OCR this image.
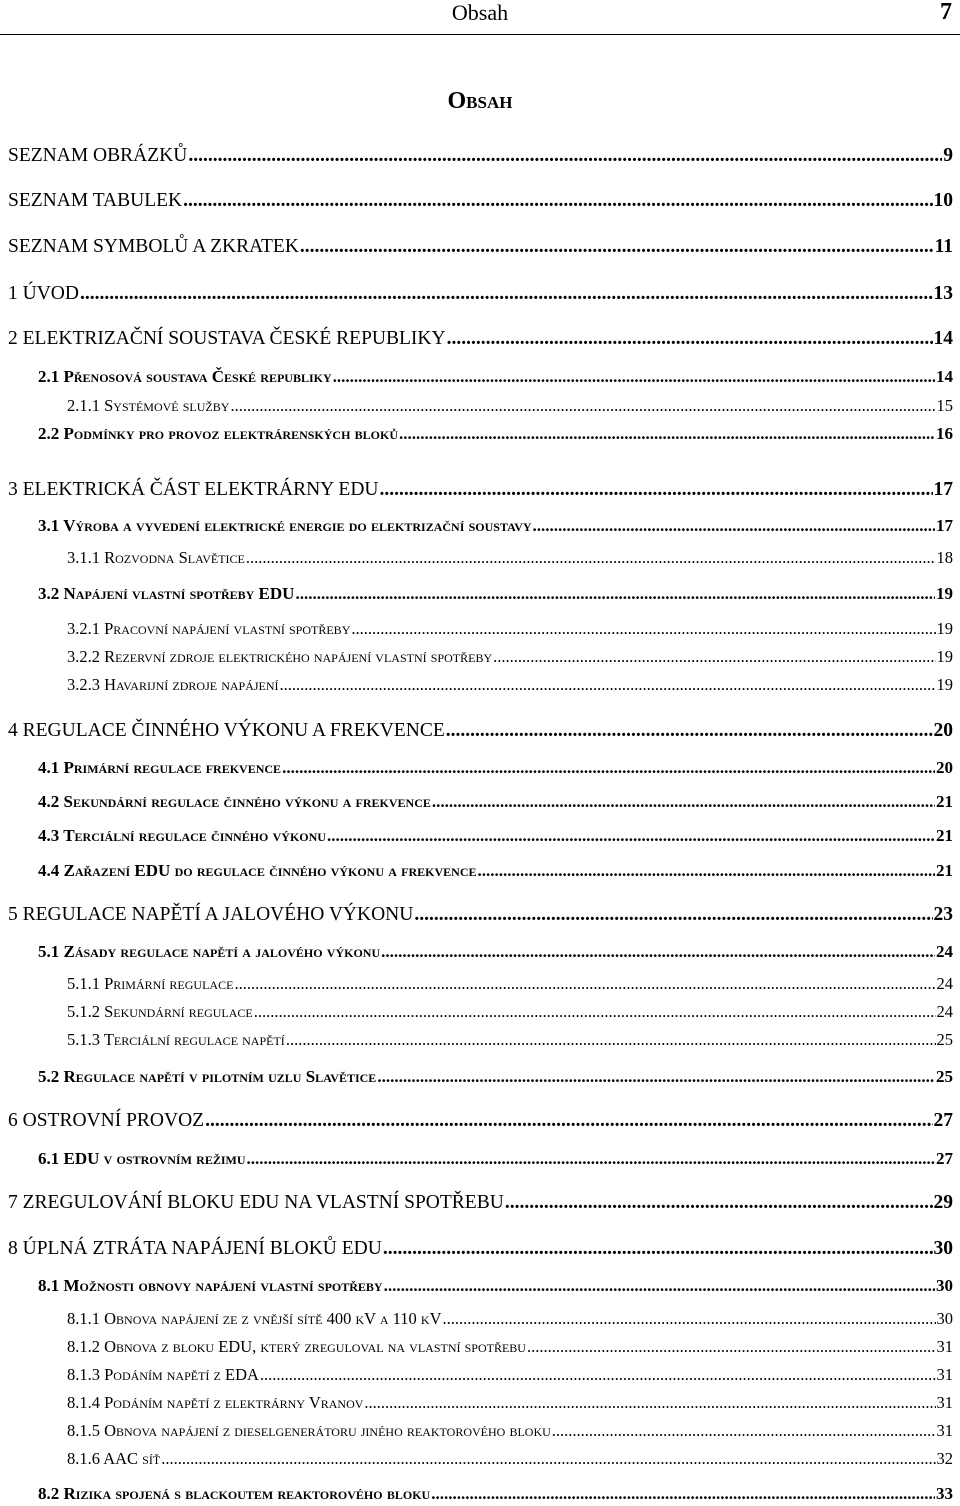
Obsah	7
Obsah
SEZNAM OBRÁZKŮ .....	9
SEZNAM TABULEK .....	10
SEZNAM SYMBOLŮ A ZKRATEK .....	11
1 ÚVOD .....	13
2 ELEKTRIZAČNÍ SOUSTAVA ČESKÉ REPUBLIKY .....	14
2.1 Přenosová soustava České republiky .....	14
2.1.1 Systémové služby .....	15
2.2 Podmínky pro provoz elektrárenských bloků .....	16
3 ELEKTRICKÁ ČÁST ELEKTRÁRNY EDU .....	17
3.1 Výroba a vyvedení elektrické energie do elektrizační soustavy .....	17
3.1.1 Rozvodna Slavětice .....	18
3.2 Napájení vlastní spotřeby EDU .....	19
3.2.1 Pracovní napájení vlastní spotřeby .....	19
3.2.2 Rezervní zdroje elektrického napájení vlastní spotřeby .....	19
3.2.3 Havarijní zdroje napájení .....	19
4 REGULACE ČINNÉHO VÝKONU A FREKVENCE .....	20
4.1 Primární regulace frekvence .....	20
4.2 Sekundární regulace činného výkonu a frekvence .....	21
4.3 Terciální regulace činného výkonu .....	21
4.4 Zařazení EDU do regulace činného výkonu a frekvence .....	21
5 REGULACE NAPĚTÍ A JALOVÉHO VÝKONU .....	23
5.1 Zásady regulace napětí a jalového výkonu .....	24
5.1.1 Primární regulace .....	24
5.1.2 Sekundární regulace .....	24
5.1.3 Terciální regulace napětí .....	25
5.2 Regulace napětí v pilotním uzlu Slavětice .....	25
6 OSTROVNÍ PROVOZ .....	27
6.1 EDU v ostrovním režimu .....	27
7 ZREGULOVÁNÍ BLOKU EDU NA VLASTNÍ SPOTŘEBU .....	29
8 ÚPLNÁ ZTRÁTA NAPÁJENÍ BLOKŮ EDU .....	30
8.1 Možnosti obnovy napájení vlastní spotřeby .....	30
8.1.1 Obnova napájení ze z vnější sítě 400 kV a 110 kV .....	30
8.1.2 Obnova z bloku EDU, který zreguloval na vlastní spotřebu .....	31
8.1.3 Podáním napětí z EDA .....	31
8.1.4 Podáním napětí z elektrárny Vranov .....	31
8.1.5 Obnova napájení z dieselgenerátoru jiného reaktorového bloku .....	31
8.1.6 AAC síť .....	32
8.2 Rizika spojená s blackoutem reaktorového bloku .....	33
